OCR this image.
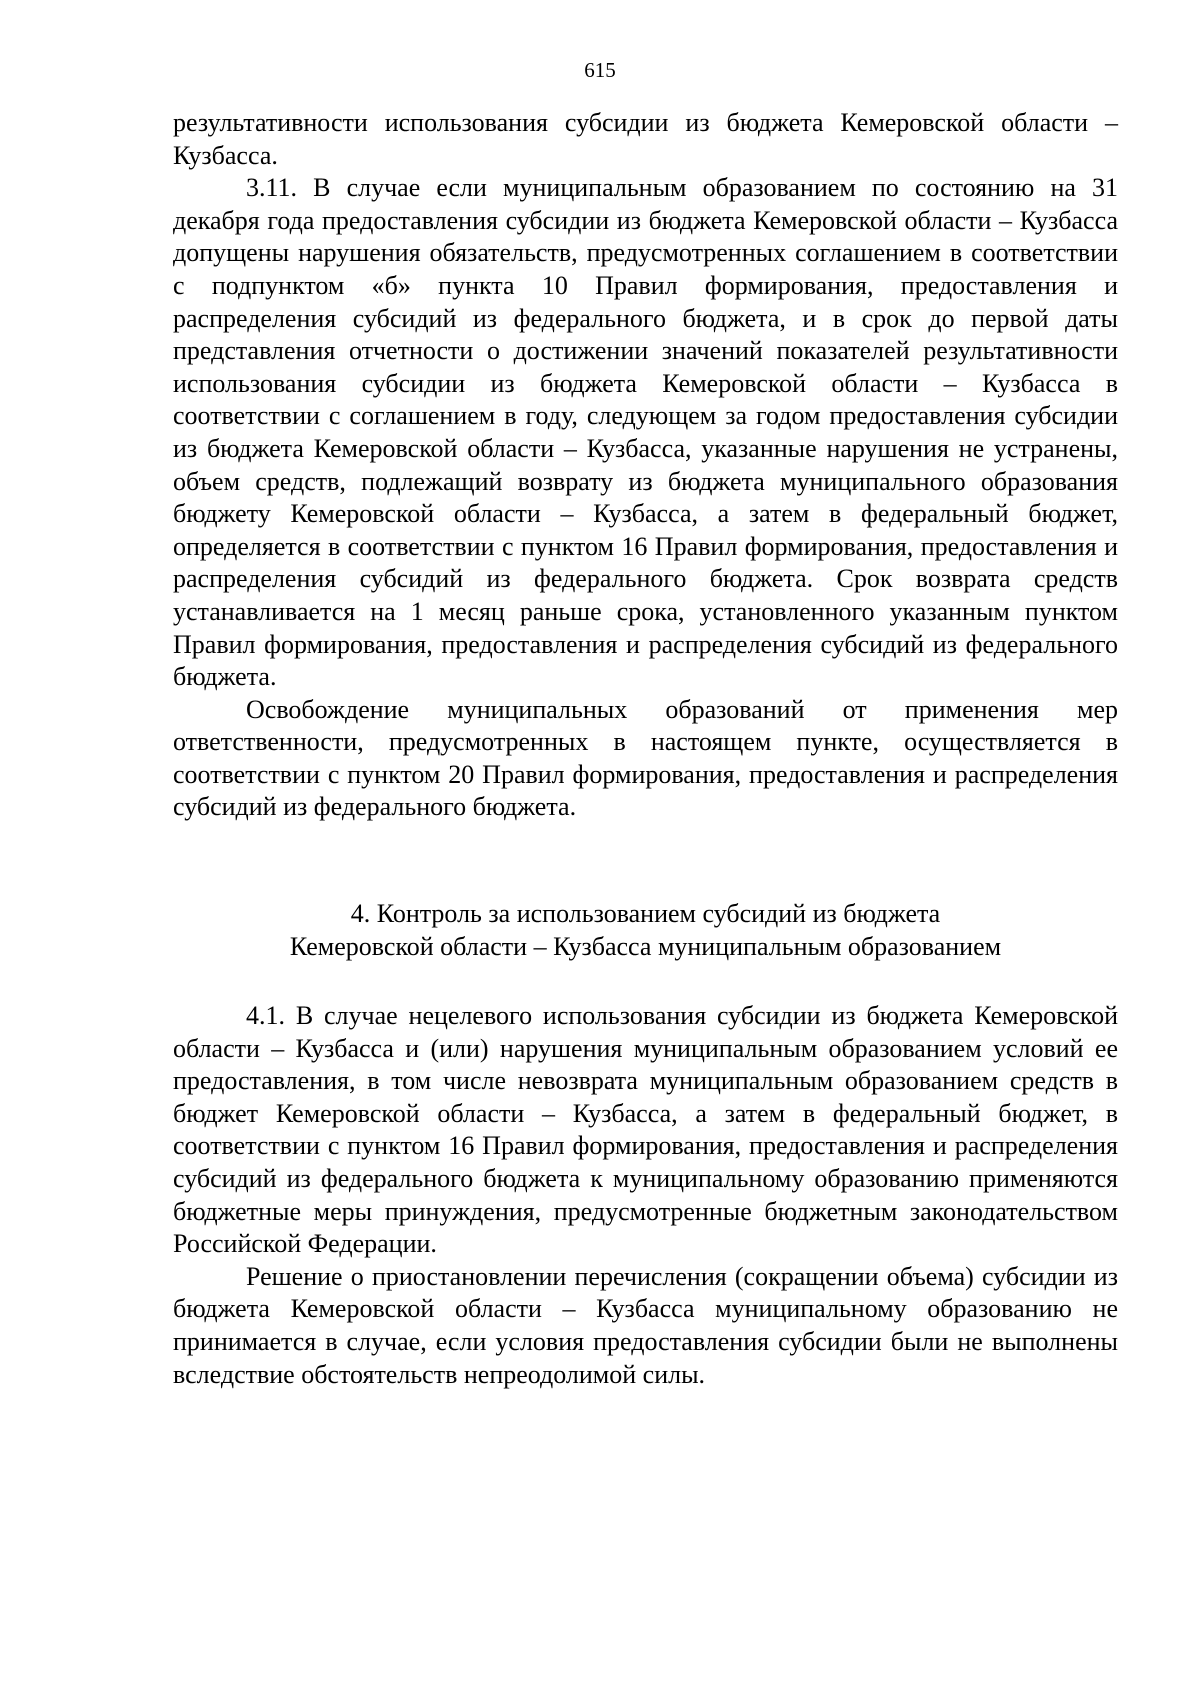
615

результативности использования субсидии из бюджета Кемеровской области – Кузбасса.

3.11. В случае если муниципальным образованием по состоянию на 31 декабря года предоставления субсидии из бюджета Кемеровской области – Кузбасса допущены нарушения обязательств, предусмотренных соглашением в соответствии с подпунктом «б» пункта 10 Правил формирования, предоставления и распределения субсидий из федерального бюджета, и в срок до первой даты представления отчетности о достижении значений показателей результативности использования субсидии из бюджета Кемеровской области – Кузбасса в соответствии с соглашением в году, следующем за годом предоставления субсидии из бюджета Кемеровской области – Кузбасса, указанные нарушения не устранены, объем средств, подлежащий возврату из бюджета муниципального образования бюджету Кемеровской области – Кузбасса, а затем в федеральный бюджет, определяется в соответствии с пунктом 16 Правил формирования, предоставления и распределения субсидий из федерального бюджета. Срок возврата средств устанавливается на 1 месяц раньше срока, установленного указанным пунктом Правил формирования, предоставления и распределения субсидий из федерального бюджета.

Освобождение муниципальных образований от применения мер ответственности, предусмотренных в настоящем пункте, осуществляется в соответствии с пунктом 20 Правил формирования, предоставления и распределения субсидий из федерального бюджета.

4. Контроль за использованием субсидий из бюджета
Кемеровской области – Кузбасса муниципальным образованием

4.1. В случае нецелевого использования субсидии из бюджета Кемеровской области – Кузбасса и (или) нарушения муниципальным образованием условий ее предоставления, в том числе невозврата муниципальным образованием средств в бюджет Кемеровской области – Кузбасса, а затем в федеральный бюджет, в соответствии с пунктом 16 Правил формирования, предоставления и распределения субсидий из федерального бюджета к муниципальному образованию применяются бюджетные меры принуждения, предусмотренные бюджетным законодательством Российской Федерации.

Решение о приостановлении перечисления (сокращении объема) субсидии из бюджета Кемеровской области – Кузбасса муниципальному образованию не принимается в случае, если условия предоставления субсидии были не выполнены вследствие обстоятельств непреодолимой силы.
